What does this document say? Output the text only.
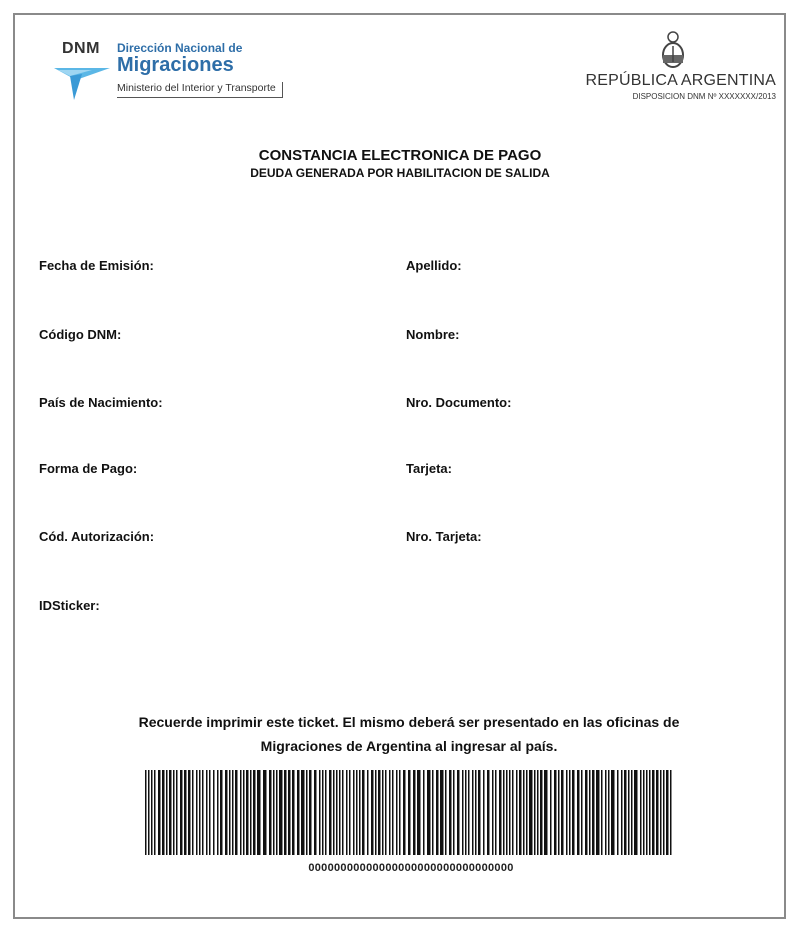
DNM Dirección Nacional de
Migraciones
Ministerio del Interior y Transporte	REPÚBLICA ARGENTINA
DISPOSICION DNM Nº XXXXXXX/2013
CONSTANCIA ELECTRONICA DE PAGO
DEUDA GENERADA POR HABILITACION DE SALIDA
Fecha de Emisión:	Apellido:
Código DNM:	Nombre:
País de Nacimiento:	Nro. Documento:
Forma de Pago:	Tarjeta:
Cód. Autorización:	Nro. Tarjeta:
IDSticker:
Recuerde imprimir este ticket. El mismo deberá ser presentado en las oficinas de
Migraciones de Argentina al ingresar al país.
00000000000000000000000000000000
